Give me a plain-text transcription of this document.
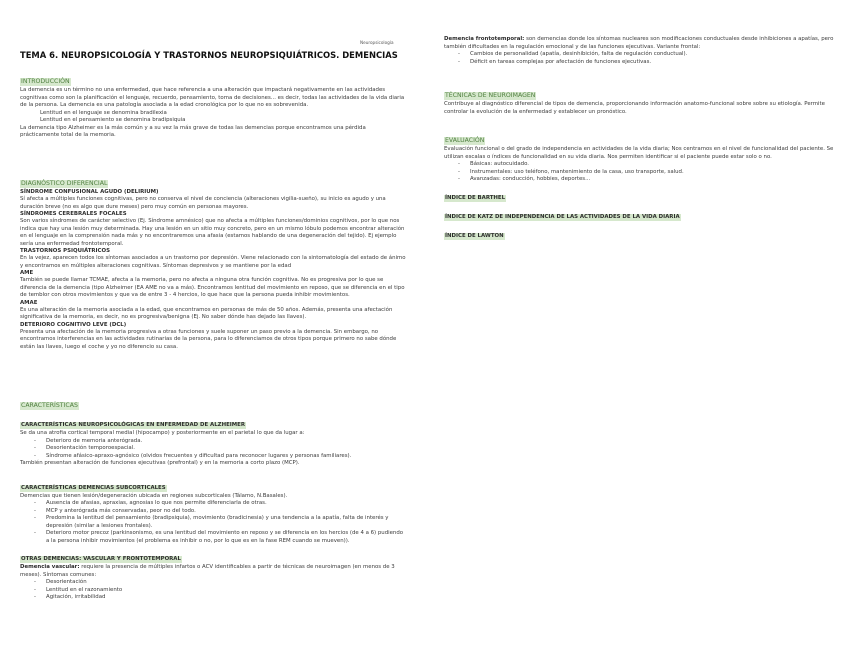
Neuropsicología
TEMA 6. NEUROPSICOLOGÍA Y TRASTORNOS NEUROPSIQUIÁTRICOS. DEMENCIAS
INTRODUCCIÓN

La demencia es un término no una enfermedad, que hace referencia a una alteración que impactará negativamente en las actividades cognitivas como son la planificación el lenguaje, recuerdo, pensamiento, toma de decisiones... es decir, todas las actividades de la vida diaria de la persona. La demencia es una patología asociada a la edad cronológica por lo que no es sobrevenida.

Lentitud en el lenguaje se denomina bradilexia

Lentitud en el pensamiento se denomina bradipsiquia

La demencia tipo Alzheimer es la más común y a su vez la más grave de todas las demencias porque encontramos una pérdida prácticamente total de la memoria.

DIAGNÓSTICO DIFERENCIAL
SÍNDROME CONFUSIONAL AGUDO (DELIRIUM)

Sí afecta a múltiples funciones cognitivas, pero no conserva el nivel de conciencia (alteraciones vigilia-sueño), su inicio es agudo y una duración breve (no es algo que dure meses) pero muy común en personas mayores.

SÍNDROMES CEREBRALES FOCALES

Son varios síndromes de carácter selectivo (Ej. Síndrome amnésico) que no afecta a múltiples funciones/dominios cognitivos, por lo que nos indica que hay una lesión muy determinada. Hay una lesión en un sitio muy concreto, pero en un mismo lóbulo podemos encontrar alteración en el lenguaje en la comprensión nada más y no encontraremos una afasia (estamos hablando de una degeneración del tejido). Ej ejemplo sería una enfermedad frontotemporal.

TRASTORNOS PSIQUIÁTRICOS

En la vejez, aparecen todos los síntomas asociados a un trastorno por depresión. Viene relacionado con la sintomatología del estado de ánimo y encontramos en múltiples alteraciones cognitivas. Síntomas depresivos y se mantiene por la edad

AME

También se puede llamar TCMAE, afecta a la memoria, pero no afecta a ninguna otra función cognitiva. No es progresiva por lo que se diferencia de la demencia (tipo Alzheimer (EA AME no va a más). Encontramos lentitud del movimiento en reposo, que se diferencia en el tipo de temblor con otros movimientos y que va de entre 3 - 4 hercios, lo que hace que la persona pueda inhibir movimientos.

AMAE

Es una alteración de la memoria asociada a la edad, que encontramos en personas de más de 50 años. Además, presenta una afectación significativa de la memoria, es decir, no es progresiva/benigna (Ej. No saber dónde has dejado las llaves).

DETERIORO COGNITIVO LEVE (DCL)

Presenta una afectación de la memoria progresiva a otras funciones y suele suponer un paso previo a la demencia. Sin embargo, no encontramos interferencias en las actividades rutinarias de la persona, para lo diferenciamos de otros tipos porque primero no sabe dónde están las llaves, luego el coche y yo no diferencio su casa.

CARACTERÍSTICAS
CARACTERÍSTICAS NEUROPSICOLÓGICAS EN ENFERMEDAD DE ALZHEIMER

Se da una atrofia cortical temporal medial (hipocampo) y posteriormente en el parietal lo que da lugar a:

- Deterioro de memoria anterógrada.
- Desorientación temporoespacial.
- Síndrome afásico-apraxo-agnósico (olvidos frecuentes y dificultad para reconocer lugares y personas familiares).

También presentan alteración de funciones ejecutivas (prefrontal) y en la memoria a corto plazo (MCP).

CARACTERÍSTICAS DEMENCIAS SUBCORTICALES

Demencias que tienen lesión/degeneración ubicada en regiones subcorticales (Tálamo, N.Basales).

- Ausencia de afasias, apraxias, agnosias lo que nos permite diferenciarla de otras.
- MCP y anterógrada más conservadas, peor no del todo.
- Predomina la lentitud del pensamiento (bradipsiquia), movimiento (bradicinesia) y una tendencia a la apatía, falta de interés y depresión (similar a lesiones frontales).
- Deterioro motor precoz (parkinsonismo, es una lentitud del movimiento en reposo y se diferencia en los hercios (de 4 a 6) pudiendo a la persona inhibir movimientos (el problema es inhibir o no, por lo que es en la fase REM cuando se mueven)).
OTRAS DEMENCIAS: VASCULAR Y FRONTOTEMPORAL

Demencia vascular: requiere la presencia de múltiples infartos o ACV identificables a partir de técnicas de neuroimagen (en menos de 3 meses). Síntomas comunes:

- Desorientación
- Lentitud en el razonamiento
- Agitación, irritabilidad

Demencia frontotemporal: son demencias donde los síntomas nucleares son modificaciones conductuales desde inhibiciones a apatías, pero también dificultades en la regulación emocional y de las funciones ejecutivas. Variante frontal:

- Cambios de personalidad (apatía, desinhibición, falta de regulación conductual).
- Déficit en tareas complejas por afectación de funciones ejecutivas.
TÉCNICAS DE NEUROIMAGEN

Contribuye al diagnóstico diferencial de tipos de demencia, proporcionando información anatomo-funcional sobre sobre su etiología. Permite controlar la evolución de la enfermedad y establecer un pronóstico.

EVALUACIÓN

Evaluación funcional o del grado de independencia en actividades de la vida diaria; Nos centramos en el nivel de funcionalidad del paciente. Se utilizan escalas o índices de funcionalidad en su vida diaria. Nos permiten identificar si el paciente puede estar solo o no.

- Básicas: autocuidado.
- Instrumentales: uso teléfono, mantenimiento de la casa, uso transporte, salud.
- Avanzadas: conducción, hobbies, deportes...
ÍNDICE DE BARTHEL
ÍNDICE DE KATZ DE INDEPENDENCIA DE LAS ACTIVIDADES DE LA VIDA DIARIA
ÍNDICE DE LAWTON
